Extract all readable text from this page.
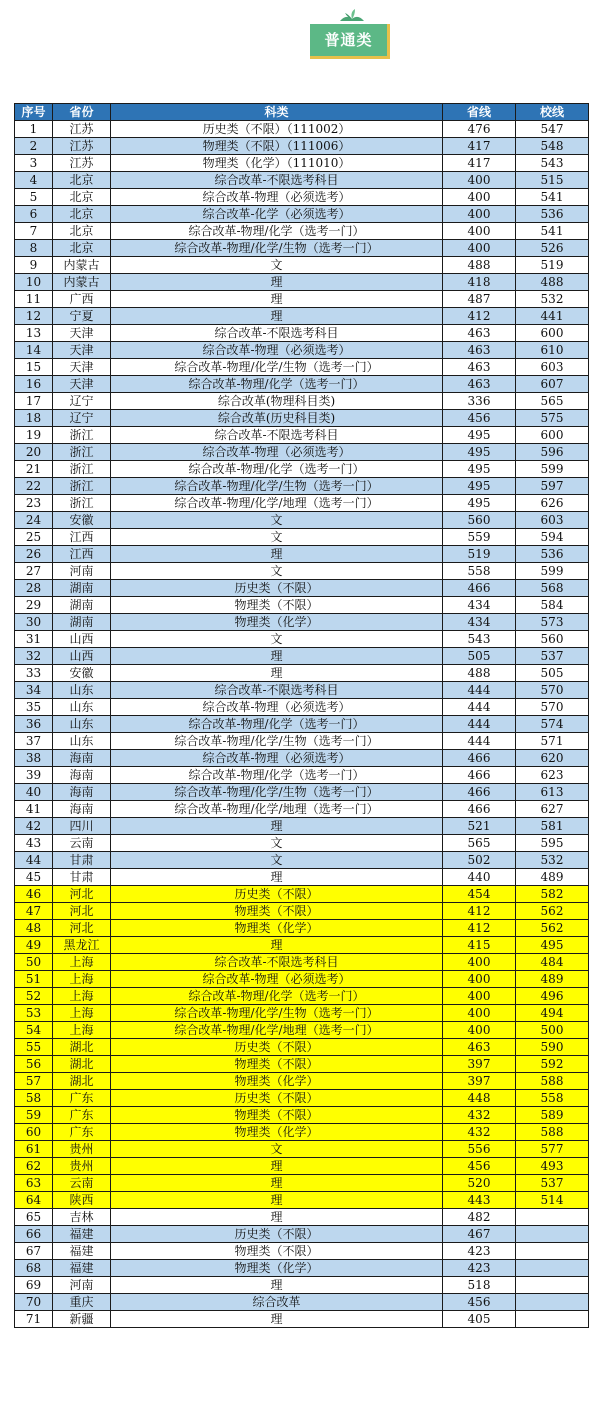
普通类
序号	省份	科类	省线	校线
1	江苏	历史类（不限）（111002）	476	547
2	江苏	物理类（不限）（111006）	417	548
3	江苏	物理类（化学）（111010）	417	543
4	北京	综合改革-不限选考科目	400	515
5	北京	综合改革-物理（必须选考）	400	541
6	北京	综合改革-化学（必须选考）	400	536
7	北京	综合改革-物理/化学（选考一门）	400	541
8	北京	综合改革-物理/化学/生物（选考一门）	400	526
9	内蒙古	文	488	519
10	内蒙古	理	418	488
11	广西	理	487	532
12	宁夏	理	412	441
13	天津	综合改革-不限选考科目	463	600
14	天津	综合改革-物理（必须选考）	463	610
15	天津	综合改革-物理/化学/生物（选考一门）	463	603
16	天津	综合改革-物理/化学（选考一门）	463	607
17	辽宁	综合改革(物理科目类)	336	565
18	辽宁	综合改革(历史科目类)	456	575
19	浙江	综合改革-不限选考科目	495	600
20	浙江	综合改革-物理（必须选考）	495	596
21	浙江	综合改革-物理/化学（选考一门）	495	599
22	浙江	综合改革-物理/化学/生物（选考一门）	495	597
23	浙江	综合改革-物理/化学/地理（选考一门）	495	626
24	安徽	文	560	603
25	江西	文	559	594
26	江西	理	519	536
27	河南	文	558	599
28	湖南	历史类（不限）	466	568
29	湖南	物理类（不限）	434	584
30	湖南	物理类（化学）	434	573
31	山西	文	543	560
32	山西	理	505	537
33	安徽	理	488	505
34	山东	综合改革-不限选考科目	444	570
35	山东	综合改革-物理（必须选考）	444	570
36	山东	综合改革-物理/化学（选考一门）	444	574
37	山东	综合改革-物理/化学/生物（选考一门）	444	571
38	海南	综合改革-物理（必须选考）	466	620
39	海南	综合改革-物理/化学（选考一门）	466	623
40	海南	综合改革-物理/化学/生物（选考一门）	466	613
41	海南	综合改革-物理/化学/地理（选考一门）	466	627
42	四川	理	521	581
43	云南	文	565	595
44	甘肃	文	502	532
45	甘肃	理	440	489
46	河北	历史类（不限）	454	582
47	河北	物理类（不限）	412	562
48	河北	物理类（化学）	412	562
49	黑龙江	理	415	495
50	上海	综合改革-不限选考科目	400	484
51	上海	综合改革-物理（必须选考）	400	489
52	上海	综合改革-物理/化学（选考一门）	400	496
53	上海	综合改革-物理/化学/生物（选考一门）	400	494
54	上海	综合改革-物理/化学/地理（选考一门）	400	500
55	湖北	历史类（不限）	463	590
56	湖北	物理类（不限）	397	592
57	湖北	物理类（化学）	397	588
58	广东	历史类（不限）	448	558
59	广东	物理类（不限）	432	589
60	广东	物理类（化学）	432	588
61	贵州	文	556	577
62	贵州	理	456	493
63	云南	理	520	537
64	陕西	理	443	514
65	吉林	理	482	
66	福建	历史类（不限）	467	
67	福建	物理类（不限）	423	
68	福建	物理类（化学）	423	
69	河南	理	518	
70	重庆	综合改革	456	
71	新疆	理	405	
